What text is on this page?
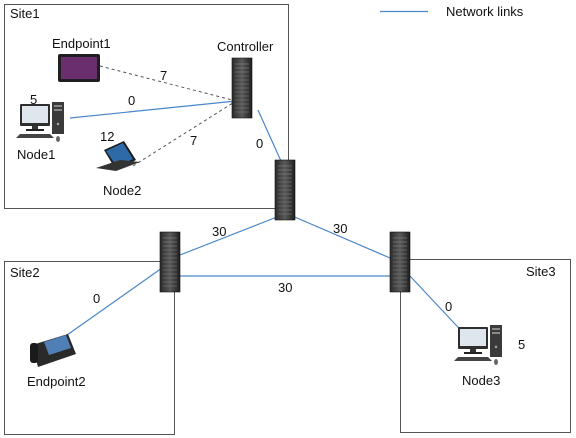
Network links
Site1
Site2	Site3
Endpoint1	Controller
5
Node1
12
Node2
Endpoint2
5
Node3
7
0
7	0
30	30
30
0
0
